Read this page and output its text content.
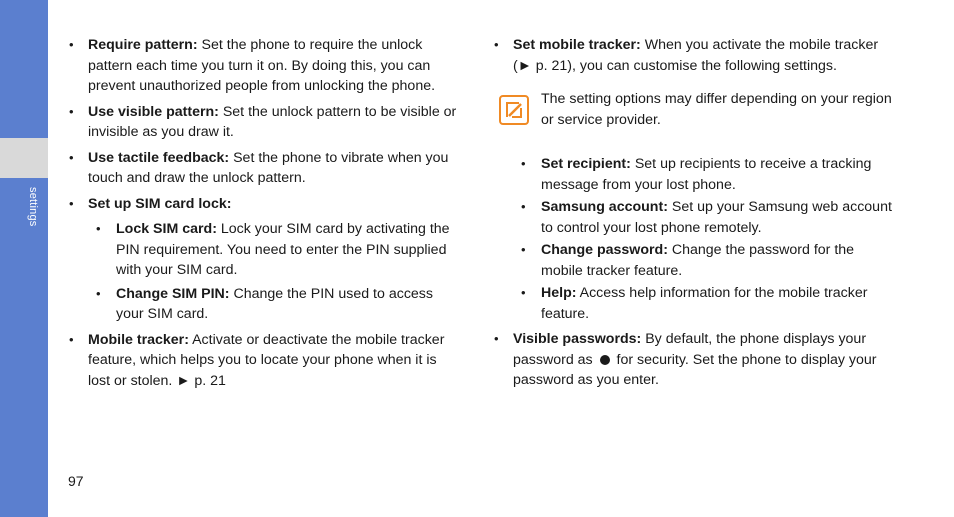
settings
• Require pattern: Set the phone to require the unlock pattern each time you turn it on. By doing this, you can prevent unauthorized people from unlocking the phone.
• Use visible pattern: Set the unlock pattern to be visible or invisible as you draw it.
• Use tactile feedback: Set the phone to vibrate when you touch and draw the unlock pattern.
• Set up SIM card lock:
• Lock SIM card: Lock your SIM card by activating the PIN requirement. You need to enter the PIN supplied with your SIM card.
• Change SIM PIN: Change the PIN used to access your SIM card.
• Mobile tracker: Activate or deactivate the mobile tracker feature, which helps you to locate your phone when it is lost or stolen. ► p. 21
• Set mobile tracker: When you activate the mobile tracker (► p. 21), you can customise the following settings.
The setting options may differ depending on your region or service provider.
• Set recipient: Set up recipients to receive a tracking message from your lost phone.
• Samsung account: Set up your Samsung web account to control your lost phone remotely.
• Change password: Change the password for the mobile tracker feature.
• Help: Access help information for the mobile tracker feature.
• Visible passwords: By default, the phone displays your password as  for security. Set the phone to display your password as you enter.
97
